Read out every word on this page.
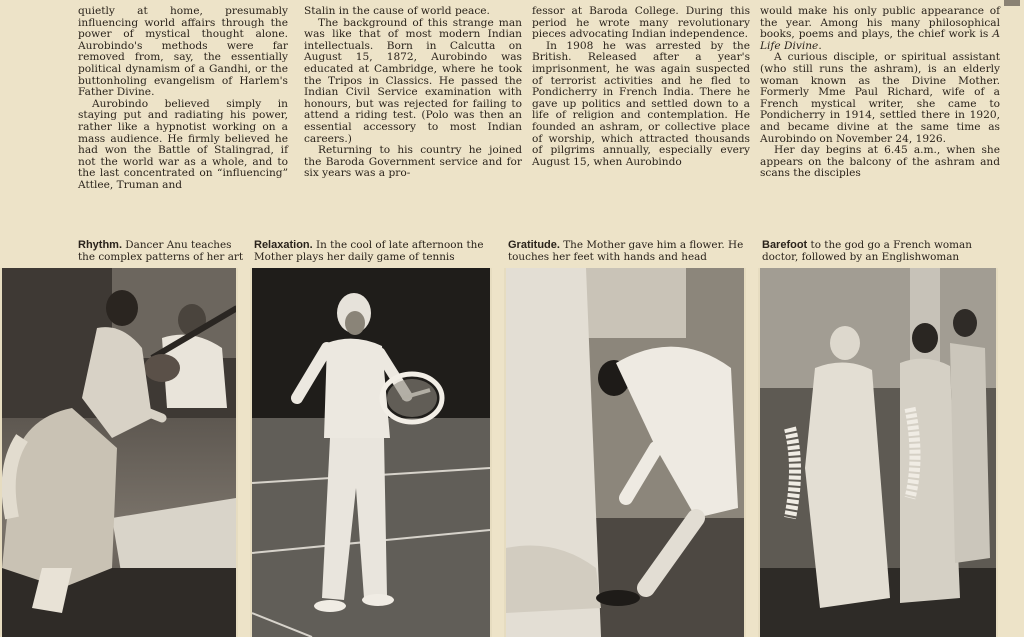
quietly at home, presumably influencing world affairs through the power of mystical thought alone. Aurobindo's methods were far removed from, say, the essentially political dynamism of a Gandhi, or the buttonholing evangelism of Harlem's Father Divine.

Aurobindo believed simply in staying put and radiating his power, rather like a hypnotist working on a mass audience. He firmly believed he had won the Battle of Stalingrad, if not the world war as a whole, and to the last concentrated on “influencing” Attlee, Truman and

Stalin in the cause of world peace.

The background of this strange man was like that of most modern Indian intellectuals. Born in Calcutta on August 15, 1872, Aurobindo was educated at Cambridge, where he took the Tripos in Classics. He passed the Indian Civil Service examination with honours, but was rejected for failing to attend a riding test. (Polo was then an essential accessory to most Indian careers.)

Returning to his country he joined the Baroda Government service and for six years was a pro-

fessor at Baroda College. During this period he wrote many revolutionary pieces advocating Indian independence.

In 1908 he was arrested by the British. Released after a year's imprisonment, he was again suspected of terrorist activities and he fled to Pondicherry in French India. There he gave up politics and settled down to a life of religion and contemplation. He founded an ashram, or collective place of worship, which attracted thousands of pilgrims annually, especially every August 15, when Aurobindo

would make his only public appearance of the year. Among his many philosophical books, poems and plays, the chief work is A Life Divine.

A curious disciple, or spiritual assistant (who still runs the ashram), is an elderly woman known as the Divine Mother. Formerly Mme Paul Richard, wife of a French mystical writer, she came to Pondicherry in 1914, settled there in 1920, and became divine at the same time as Aurobindo on November 24, 1926.

Her day begins at 6.45 a.m., when she appears on the balcony of the ashram and scans the disciples

Rhythm. Dancer Anu teaches the complex patterns of her art
Relaxation. In the cool of late afternoon the Mother plays her daily game of tennis
Gratitude. The Mother gave him a flower. He touches her feet with hands and head
Barefoot to the god go a French woman doctor, followed by an Englishwoman
